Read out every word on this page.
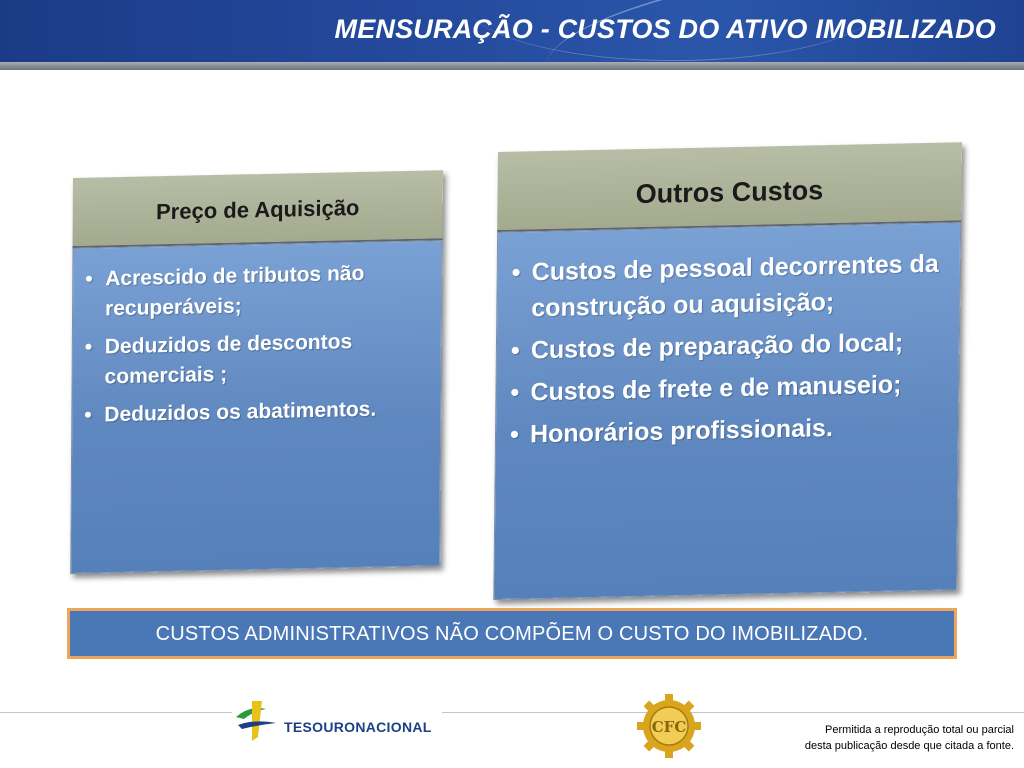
MENSURAÇÃO - CUSTOS DO ATIVO IMOBILIZADO
Preço de Aquisição
• Acrescido de tributos não recuperáveis;
• Deduzidos de descontos comerciais ;
• Deduzidos os abatimentos.
Outros Custos
• Custos de pessoal decorrentes da construção ou aquisição;
• Custos de preparação do local;
• Custos de frete e de manuseio;
• Honorários profissionais.
CUSTOS ADMINISTRATIVOS NÃO COMPÕEM O CUSTO DO IMOBILIZADO.
TESOURONACIONAL	CFC	Permitida a reprodução total ou parcial
desta publicação desde que citada a fonte.
